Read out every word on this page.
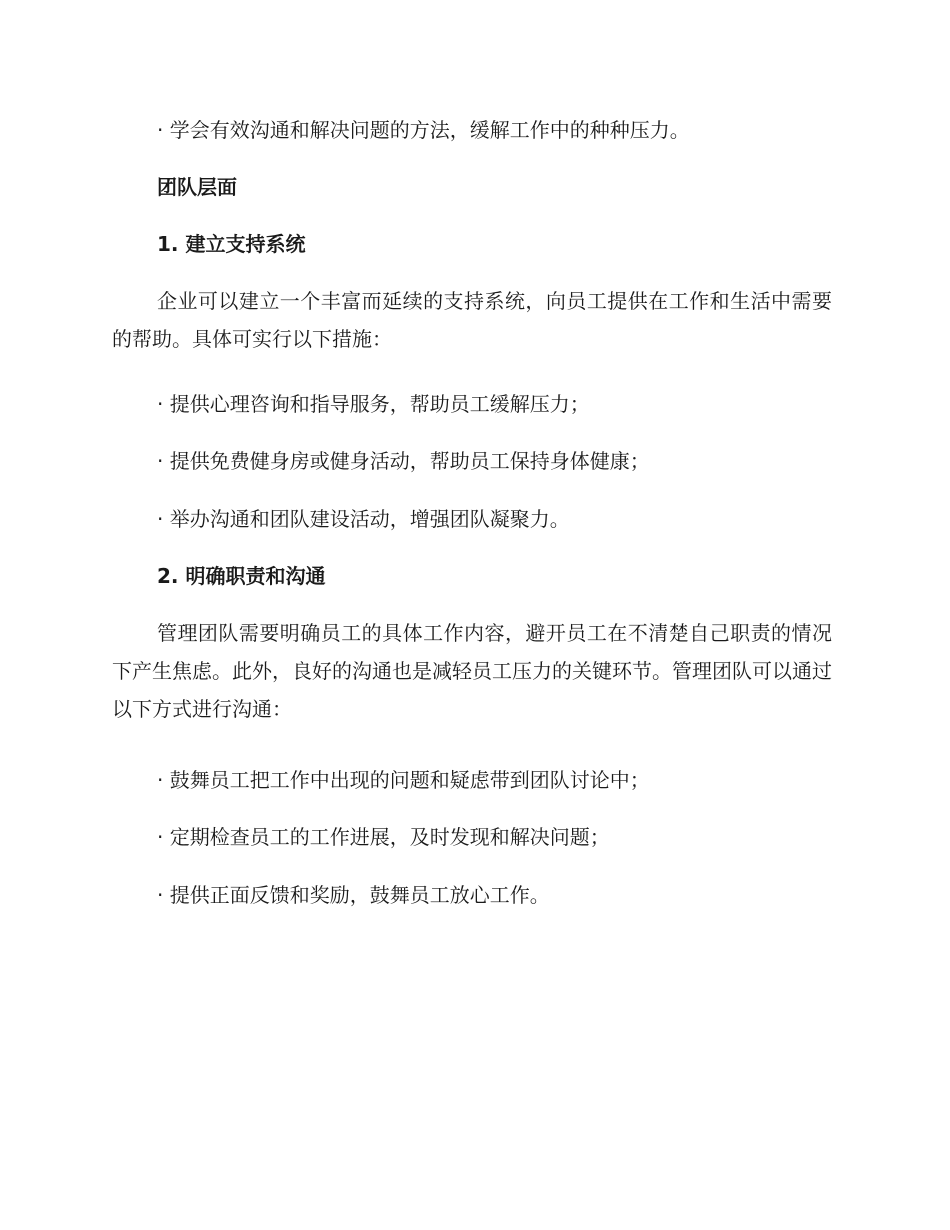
· 学会有效沟通和解决问题的方法，缓解工作中的种种压力。
团队层面
1. 建立支持系统
企业可以建立一个丰富而延续的支持系统，向员工提供在工作和生活中需要的帮助。具体可实行以下措施：
· 提供心理咨询和指导服务，帮助员工缓解压力；
· 提供免费健身房或健身活动，帮助员工保持身体健康；
· 举办沟通和团队建设活动，增强团队凝聚力。
2. 明确职责和沟通
管理团队需要明确员工的具体工作内容，避开员工在不清楚自己职责的情况下产生焦虑。此外，良好的沟通也是减轻员工压力的关键环节。管理团队可以通过以下方式进行沟通：
· 鼓舞员工把工作中出现的问题和疑虑带到团队讨论中；
· 定期检查员工的工作进展，及时发现和解决问题；
· 提供正面反馈和奖励，鼓舞员工放心工作。
